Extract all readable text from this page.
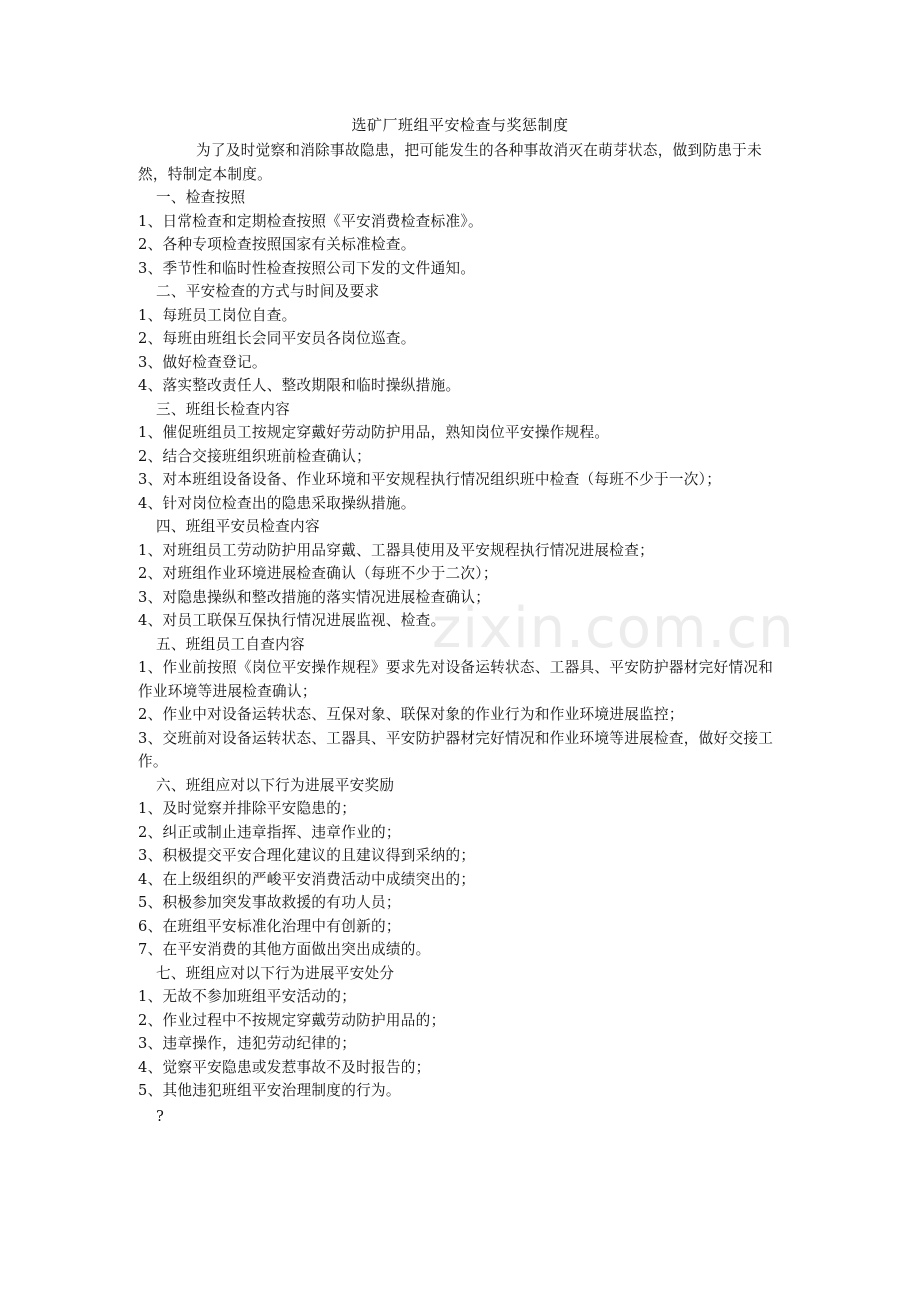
选矿厂班组平安检查与奖惩制度

为了及时觉察和消除事故隐患，把可能发生的各种事故消灭在萌芽状态，做到防患于未然，特制定本制度。

一、检查按照

1、日常检查和定期检查按照《平安消费检查标准》。

2、各种专项检查按照国家有关标准检查。

3、季节性和临时性检查按照公司下发的文件通知。

二、平安检查的方式与时间及要求

1、每班员工岗位自查。

2、每班由班组长会同平安员各岗位巡查。

3、做好检查登记。

4、落实整改责任人、整改期限和临时操纵措施。

三、班组长检查内容

1、催促班组员工按规定穿戴好劳动防护用品，熟知岗位平安操作规程。

2、结合交接班组织班前检查确认；

3、对本班组设备设备、作业环境和平安规程执行情况组织班中检查（每班不少于一次）；

4、针对岗位检查出的隐患采取操纵措施。

四、班组平安员检查内容

1、对班组员工劳动防护用品穿戴、工器具使用及平安规程执行情况进展检查；

2、对班组作业环境进展检查确认（每班不少于二次）；

3、对隐患操纵和整改措施的落实情况进展检查确认；

4、对员工联保互保执行情况进展监视、检查。

五、班组员工自查内容

1、作业前按照《岗位平安操作规程》要求先对设备运转状态、工器具、平安防护器材完好情况和作业环境等进展检查确认；

2、作业中对设备运转状态、互保对象、联保对象的作业行为和作业环境进展监控；

3、交班前对设备运转状态、工器具、平安防护器材完好情况和作业环境等进展检查，做好交接工作。

六、班组应对以下行为进展平安奖励

1、及时觉察并排除平安隐患的；

2、纠正或制止违章指挥、违章作业的；

3、积极提交平安合理化建议的且建议得到采纳的；

4、在上级组织的严峻平安消费活动中成绩突出的；

5、积极参加突发事故救援的有功人员；

6、在班组平安标准化治理中有创新的；

7、在平安消费的其他方面做出突出成绩的。

七、班组应对以下行为进展平安处分

1、无故不参加班组平安活动的；

2、作业过程中不按规定穿戴劳动防护用品的；

3、违章操作，违犯劳动纪律的；

4、觉察平安隐患或发惹事故不及时报告的；

5、其他违犯班组平安治理制度的行为。

?

zixin.com.cn
